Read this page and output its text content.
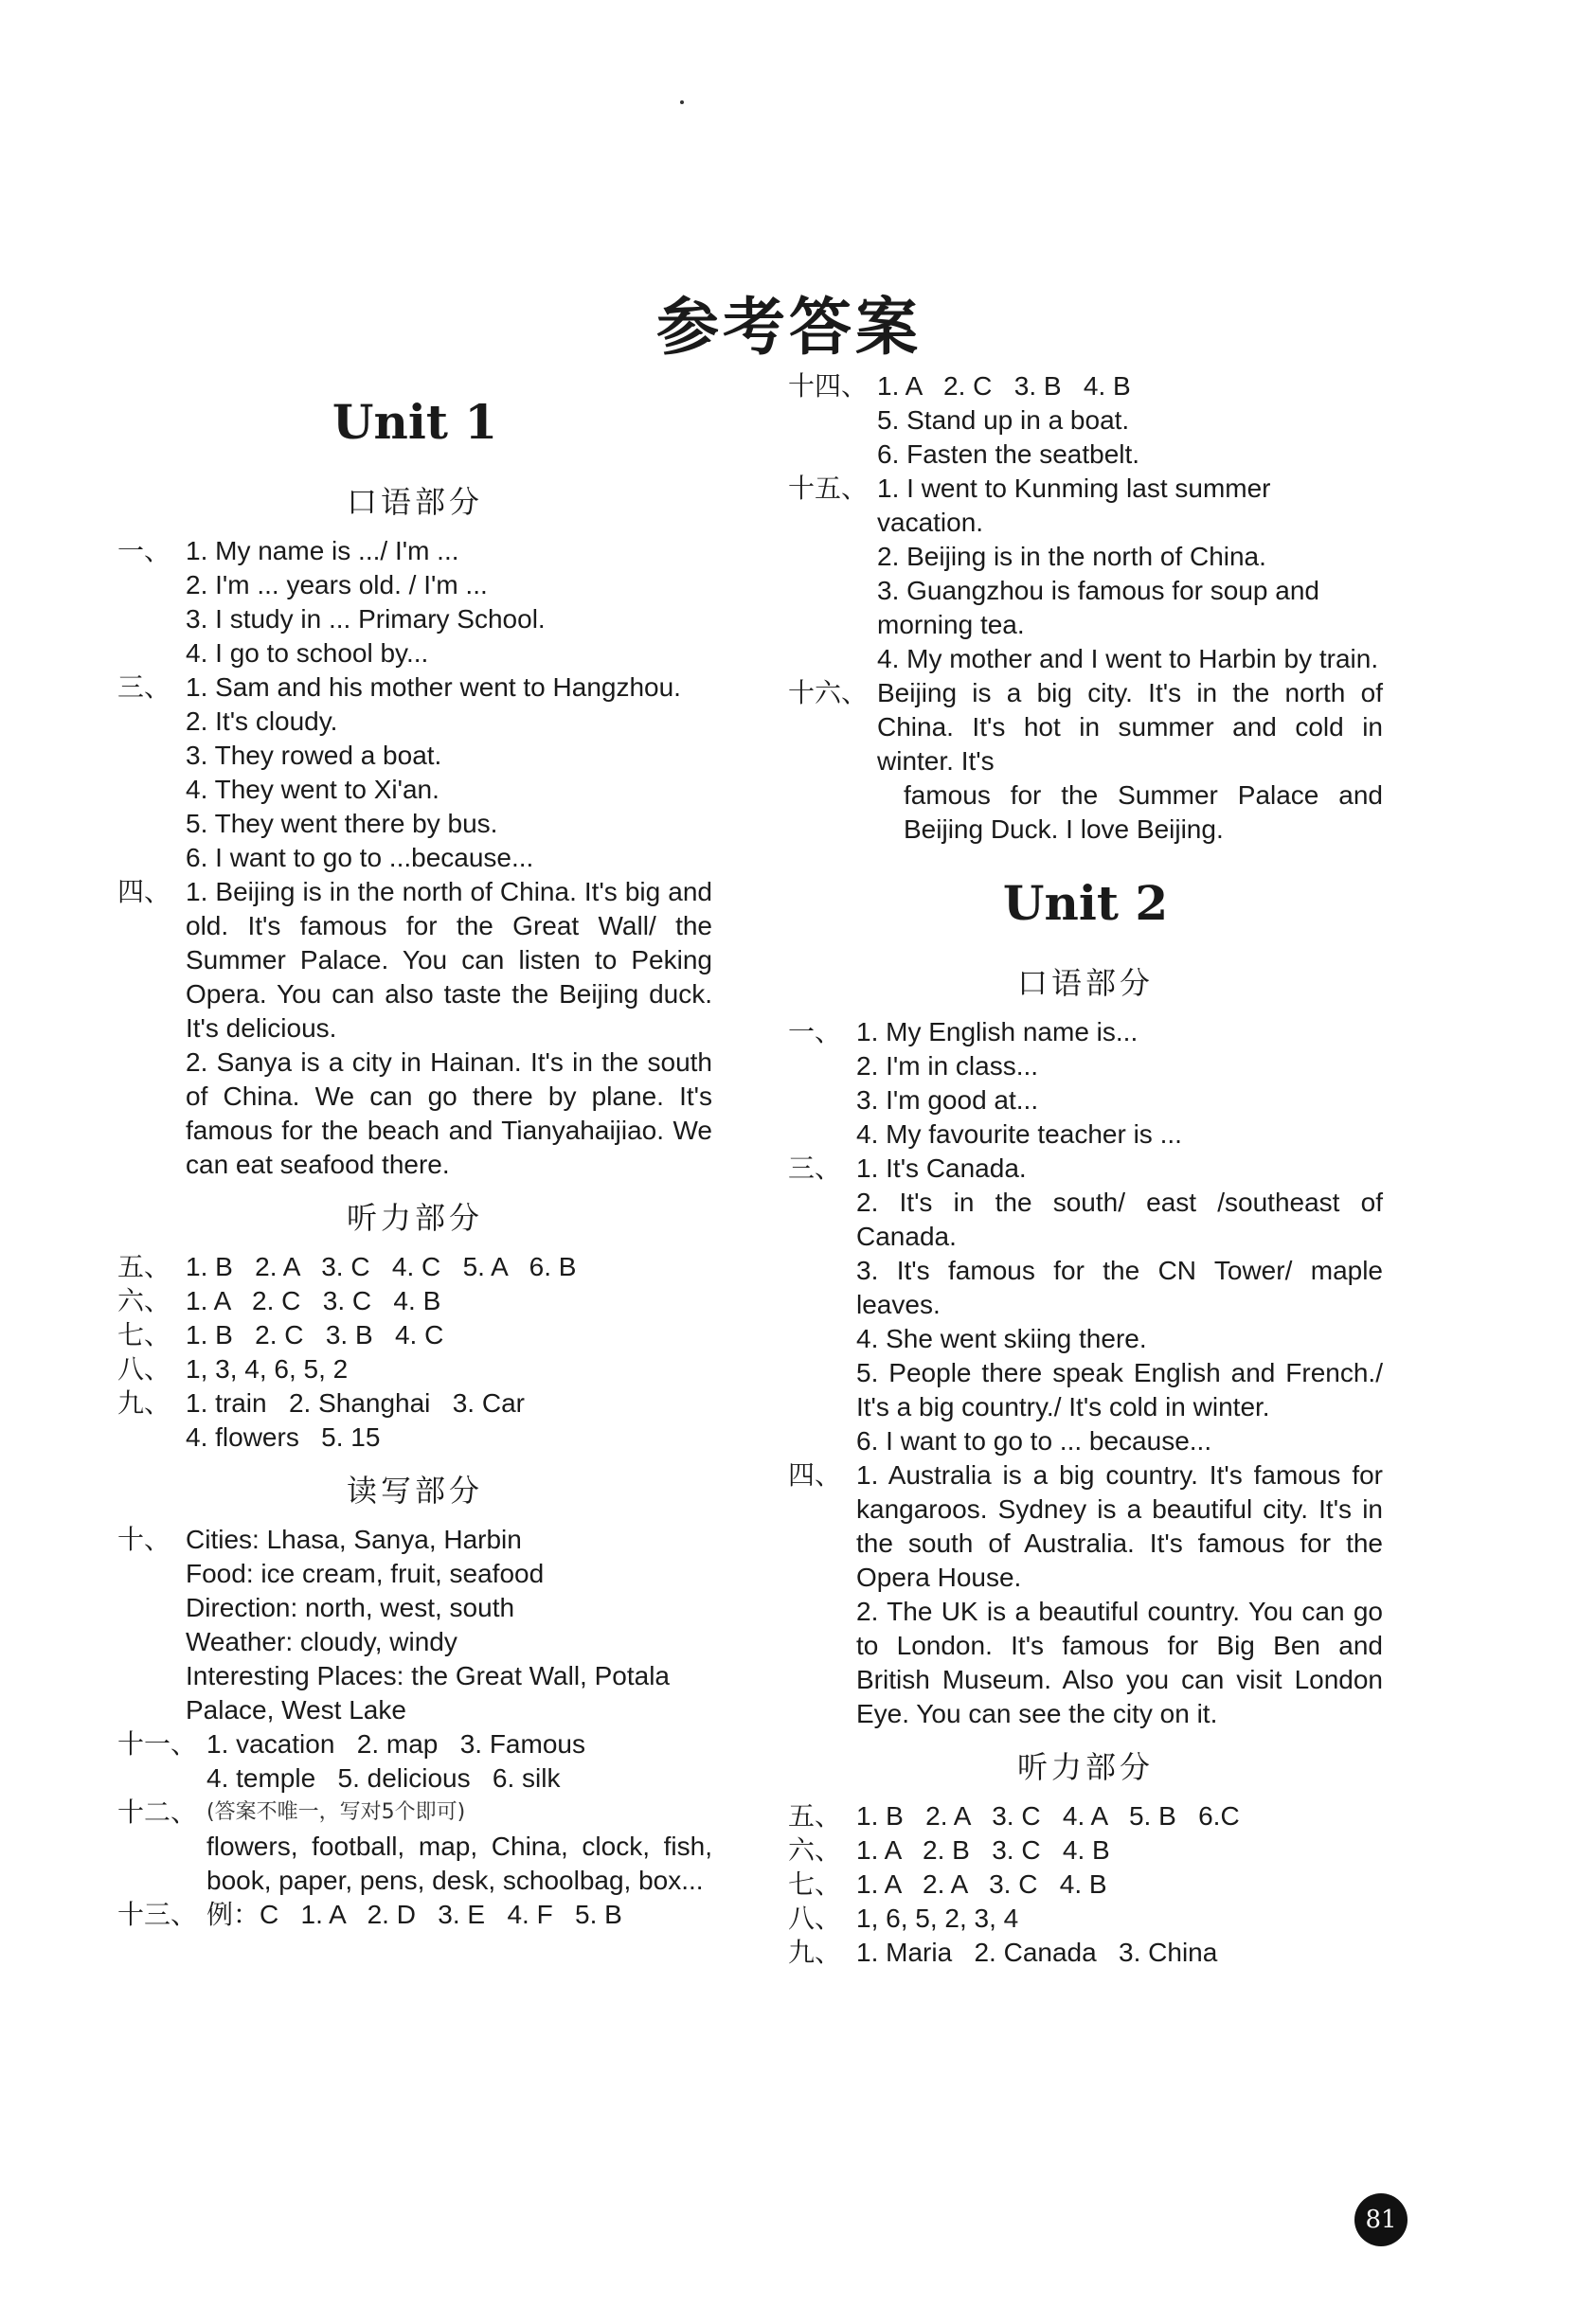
参考答案
Unit 1
口语部分
一、 1. My name is .../ I'm ...
2. I'm ... years old. / I'm ...
3. I study in ... Primary School.
4. I go to school by...
三、 1. Sam and his mother went to Hangzhou.
2. It's cloudy.
3. They rowed a boat.
4. They went to Xi'an.
5. They went there by bus.
6. I want to go to ...because...
四、 1. Beijing is in the north of China. It's big and old. It's famous for the Great Wall/ the Summer Palace. You can listen to Peking Opera. You can also taste the Beijing duck. It's delicious.
2. Sanya is a city in Hainan. It's in the south of China. We can go there by plane. It's famous for the beach and Tianyahaijiao. We can eat seafood there.
听力部分
五、 1. B   2. A   3. C   4. C   5. A   6. B
六、 1. A   2. C   3. C   4. B
七、 1. B   2. C   3. B   4. C
八、 1, 3, 4, 6, 5, 2
九、 1. train   2. Shanghai   3. Car
4. flowers   5. 15
读写部分
十、 Cities: Lhasa, Sanya, Harbin
Food: ice cream, fruit, seafood
Direction: north, west, south
Weather: cloudy, windy
Interesting Places: the Great Wall, Potala Palace, West Lake
十一、 1. vacation   2. map   3. Famous
4. temple   5. delicious   6. silk
十二、 (答案不唯一，写对5个即可)
flowers, football, map, China, clock, fish, book, paper, pens, desk, schoolbag, box...
十三、 例：C   1. A   2. D   3. E   4. F   5. B
十四、 1. A   2. C   3. B   4. B
5. Stand up in a boat.
6. Fasten the seatbelt.
十五、 1. I went to Kunming last summer vacation.
2. Beijing is in the north of China.
3. Guangzhou is famous for soup and morning tea.
4. My mother and I went to Harbin by train.
十六、 Beijing is a big city. It's in the north of China. It's hot in summer and cold in winter. It's
famous for the Summer Palace and Beijing Duck. I love Beijing.
Unit 2
口语部分
一、 1. My English name is...
2. I'm in class...
3. I'm good at...
4. My favourite teacher is ...
三、 1. It's Canada.
2. It's in the south/ east /southeast of Canada.
3. It's famous for the CN Tower/ maple leaves.
4. She went skiing there.
5. People there speak English and French./ It's a big country./ It's cold in winter.
6. I want to go to ... because...
四、 1. Australia is a big country. It's famous for kangaroos. Sydney is a beautiful city. It's in the south of Australia. It's famous for the Opera House.
2. The UK is a beautiful country. You can go to London. It's famous for Big Ben and British Museum. Also you can visit London Eye. You can see the city on it.
听力部分
五、 1. B   2. A   3. C   4. A   5. B   6.C
六、 1. A   2. B   3. C   4. B
七、 1. A   2. A   3. C   4. B
八、 1, 6, 5, 2, 3, 4
九、 1. Maria   2. Canada   3. China
81
